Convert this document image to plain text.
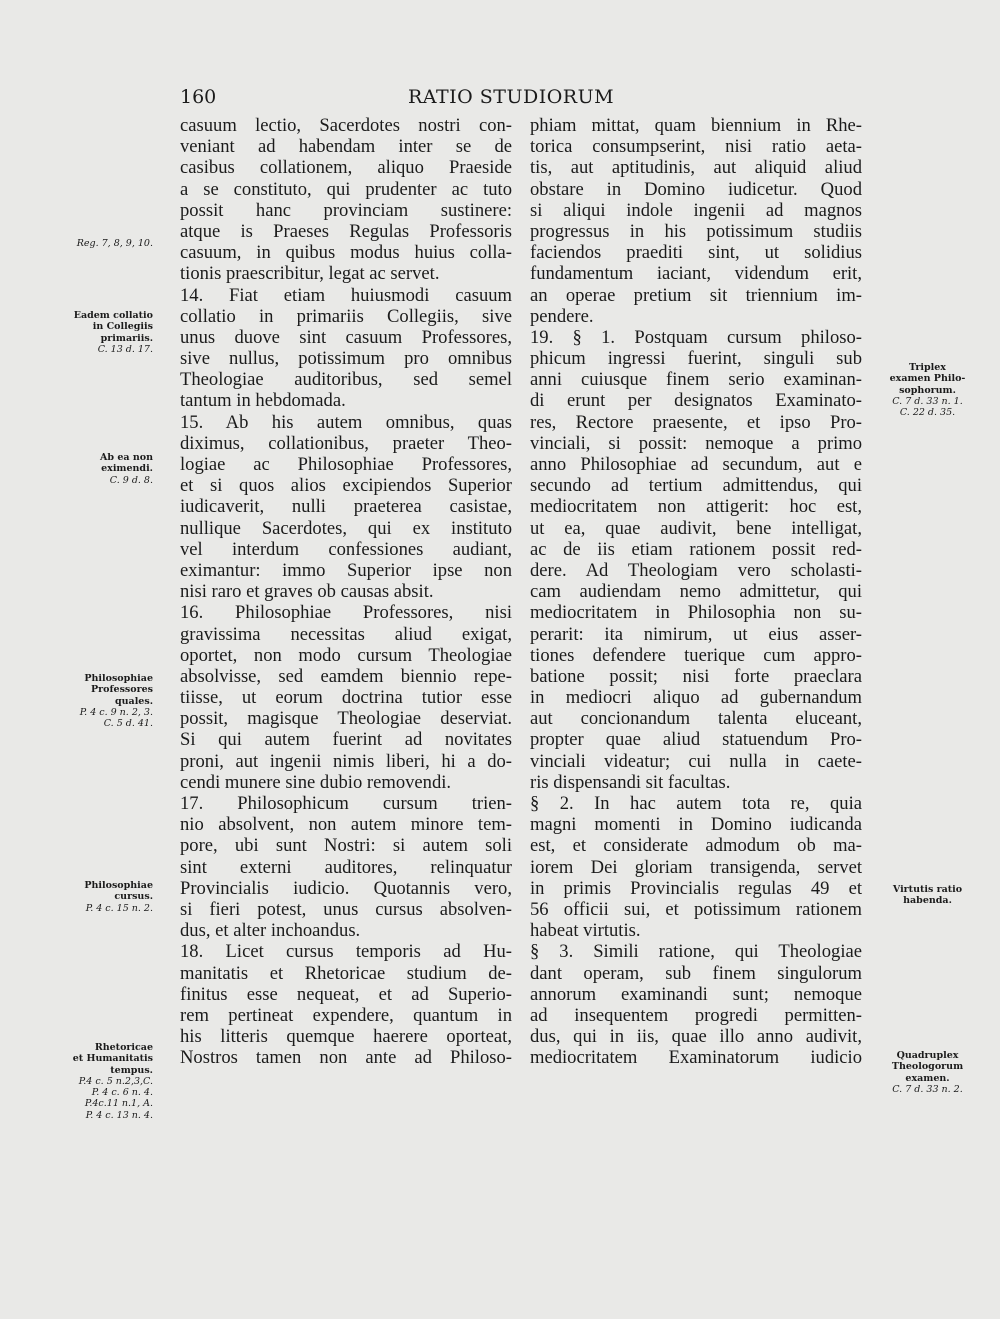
160	RATIO STUDIORUM
casuum lectio, Sacerdotes nostri con-
veniant ad habendam inter se de
casibus collationem, aliquo Praeside
a se constituto, qui prudenter ac tuto
possit hanc provinciam sustinere:
atque is Praeses Regulas Professoris
casuum, in quibus modus huius colla-
tionis praescribitur, legat ac servet.
14. Fiat etiam huiusmodi casuum
collatio in primariis Collegiis, sive
unus duove sint casuum Professores,
sive nullus, potissimum pro omnibus
Theologiae auditoribus, sed semel
tantum in hebdomada.
15. Ab his autem omnibus, quas
diximus, collationibus, praeter Theo-
logiae ac Philosophiae Professores,
et si quos alios excipiendos Superior
iudicaverit, nulli praeterea casistae,
nullique Sacerdotes, qui ex instituto
vel interdum confessiones audiant,
eximantur: immo Superior ipse non
nisi raro et graves ob causas absit.
16. Philosophiae Professores, nisi
gravissima necessitas aliud exigat,
oportet, non modo cursum Theologiae
absolvisse, sed eamdem biennio repe-
tiisse, ut eorum doctrina tutior esse
possit, magisque Theologiae deserviat.
Si qui autem fuerint ad novitates
proni, aut ingenii nimis liberi, hi a do-
cendi munere sine dubio removendi.
17. Philosophicum cursum trien-
nio absolvent, non autem minore tem-
pore, ubi sunt Nostri: si autem soli
sint externi auditores, relinquatur
Provincialis iudicio. Quotannis vero,
si fieri potest, unus cursus absolven-
dus, et alter inchoandus.
18. Licet cursus temporis ad Hu-
manitatis et Rhetoricae studium de-
finitus esse nequeat, et ad Superio-
rem pertineat expendere, quantum in
his litteris quemque haerere oporteat,
Nostros tamen non ante ad Philoso-
phiam mittat, quam biennium in Rhe-
torica consumpserint, nisi ratio aeta-
tis, aut aptitudinis, aut aliquid aliud
obstare in Domino iudicetur. Quod
si aliqui indole ingenii ad magnos
progressus in his potissimum studiis
faciendos praediti sint, ut solidius
fundamentum iaciant, videndum erit,
an operae pretium sit triennium im-
pendere.
19. § 1. Postquam cursum philoso-
phicum ingressi fuerint, singuli sub
anni cuiusque finem serio examinan-
di erunt per designatos Examinato-
res, Rectore praesente, et ipso Pro-
vinciali, si possit: nemoque a primo
anno Philosophiae ad secundum, aut e
secundo ad tertium admittendus, qui
mediocritatem non attigerit: hoc est,
ut ea, quae audivit, bene intelligat,
ac de iis etiam rationem possit red-
dere. Ad Theologiam vero scholasti-
cam audiendam nemo admittetur, qui
mediocritatem in Philosophia non su-
perarit: ita nimirum, ut eius asser-
tiones defendere tuerique cum appro-
batione possit; nisi forte praeclara
in mediocri aliquo ad gubernandum
aut concionandum talenta eluceant,
propter quae aliud statuendum Pro-
vinciali videatur; cui nulla in caete-
ris dispensandi sit facultas.
§ 2. In hac autem tota re, quia
magni momenti in Domino iudicanda
est, et considerate admodum ob ma-
iorem Dei gloriam transigenda, servet
in primis Provincialis regulas 49 et
56 officii sui, et potissimum rationem
habeat virtutis.
§ 3. Simili ratione, qui Theologiae
dant operam, sub finem singulorum
annorum examinandi sunt; nemoque
ad insequentem progredi permitten-
dus, qui in iis, quae illo anno audivit,
mediocritatem Examinatorum iudicio
Reg. 7, 8, 9, 10.
Eadem collatio
in Collegiis
primariis.
C. 13 d. 17.
Ab ea non
eximendi.
C. 9 d. 8.
Philosophiae
Professores
quales.
P. 4 c. 9 n. 2, 3.
C. 5 d. 41.
Philosophiae
cursus.
P. 4 c. 15 n. 2.
Rhetoricae
et Humanitatis
tempus.
P.4 c. 5 n.2,3,C.
P. 4 c. 6 n. 4.
P.4c.11 n.1, A.
P. 4 c. 13 n. 4.
Triplex
examen Philo-
sophorum.
C. 7 d. 33 n. 1.
C. 22 d. 35.
Virtutis ratio
habenda.
Quadruplex
Theologorum
examen.
C. 7 d. 33 n. 2.
